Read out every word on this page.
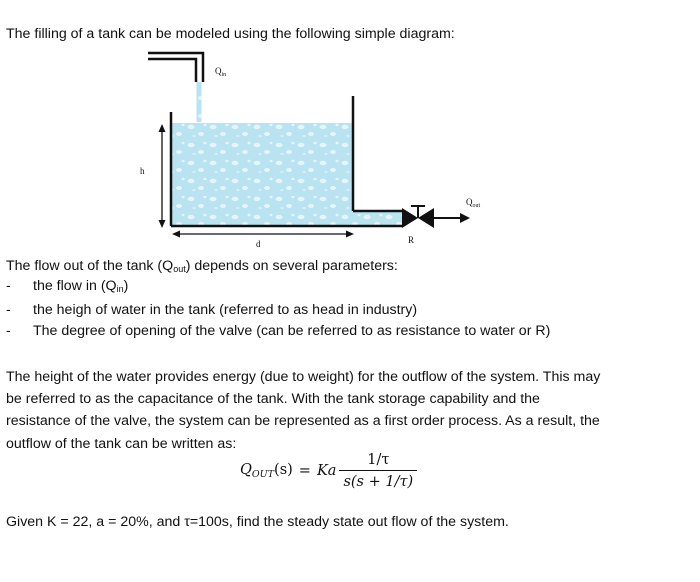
The filling of a tank can be modeled using the following simple diagram:
$Q_{in}$
h
d	R
$Q_{out}$
The flow out of the tank $(Q_{out})$ depends on several parameters:
- the flow in $(Q_{in})$
- the heigh of water in the tank (referred to as head in industry)
- The degree of opening of the valve (can be referred to as resistance to water or R)
The height of the water provides energy (due to weight) for the outflow of the system. This may
be referred to as the capacitance of the tank. With the tank storage capability and the
resistance of the valve, the system can be represented as a first order process. As a result, the
outflow of the tank can be written as:
$Q_{OUT}(s) = Ka \frac{1/\tau}{s(s + 1/\tau)}$
Given K = 22, a = 20%, and τ=100s, find the steady state out flow of the system.
